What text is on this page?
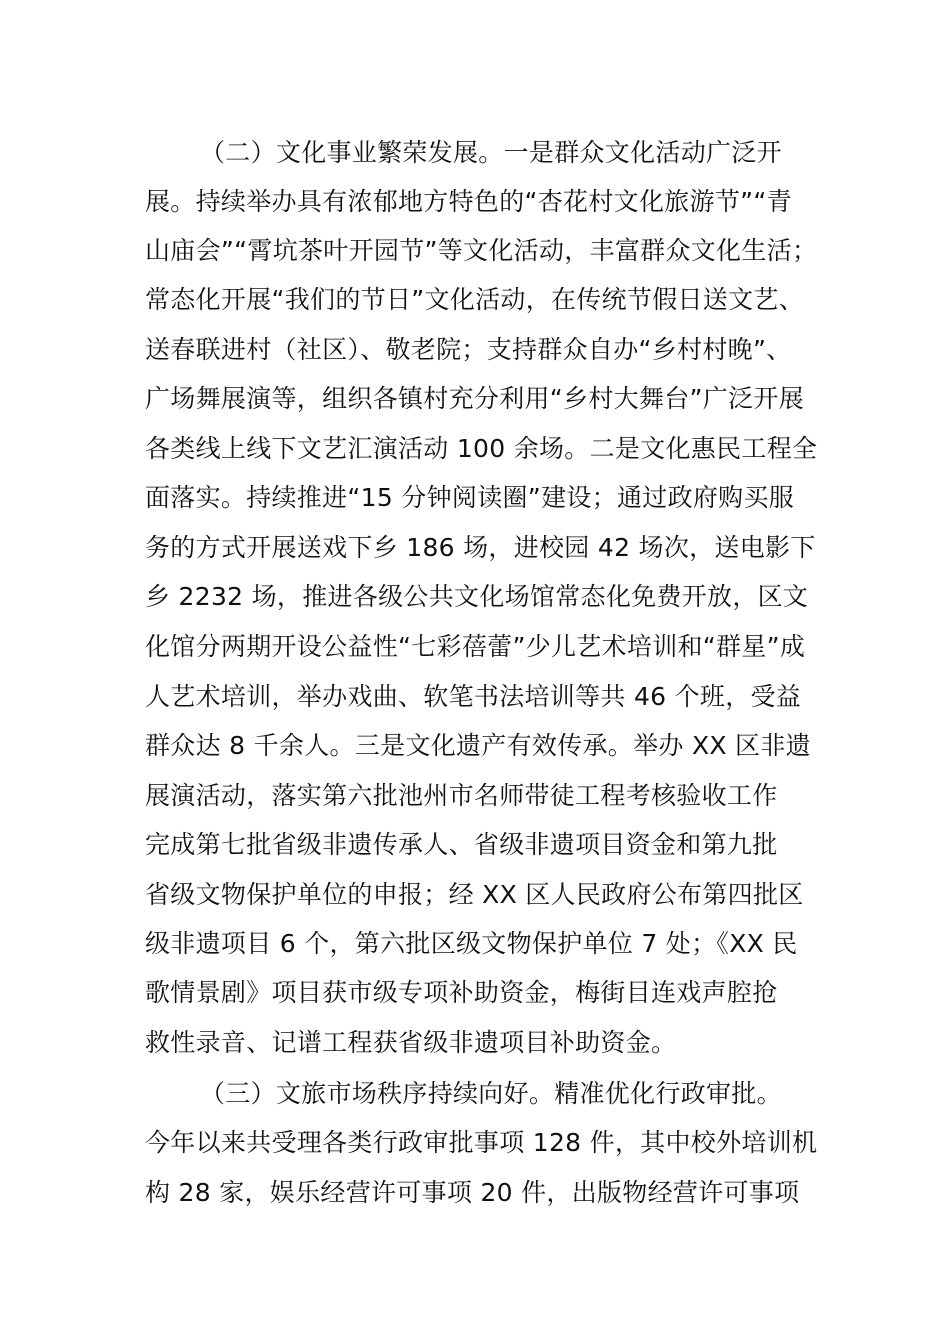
（二）文化事业繁荣发展。一是群众文化活动广泛开
展。持续举办具有浓郁地方特色的“杏花村文化旅游节”“青
山庙会”“霄坑茶叶开园节”等文化活动，丰富群众文化生活；
常态化开展“我们的节日”文化活动，在传统节假日送文艺、
送春联进村（社区）、敬老院；支持群众自办“乡村村晚”、
广场舞展演等，组织各镇村充分利用“乡村大舞台”广泛开展
各类线上线下文艺汇演活动 100 余场。二是文化惠民工程全
面落实。持续推进“15 分钟阅读圈”建设；通过政府购买服
务的方式开展送戏下乡 186 场，进校园 42 场次，送电影下
乡 2232 场，推进各级公共文化场馆常态化免费开放，区文
化馆分两期开设公益性“七彩蓓蕾”少儿艺术培训和“群星”成
人艺术培训，举办戏曲、软笔书法培训等共 46 个班，受益
群众达 8 千余人。三是文化遗产有效传承。举办 XX 区非遗
展演活动，落实第六批池州市名师带徒工程考核验收工作
完成第七批省级非遗传承人、省级非遗项目资金和第九批
省级文物保护单位的申报；经 XX 区人民政府公布第四批区
级非遗项目 6 个，第六批区级文物保护单位 7 处；《XX 民
歌情景剧》项目获市级专项补助资金，梅街目连戏声腔抢
救性录音、记谱工程获省级非遗项目补助资金。
（三）文旅市场秩序持续向好。精准优化行政审批。
今年以来共受理各类行政审批事项 128 件，其中校外培训机
构 28 家，娱乐经营许可事项 20 件，出版物经营许可事项
